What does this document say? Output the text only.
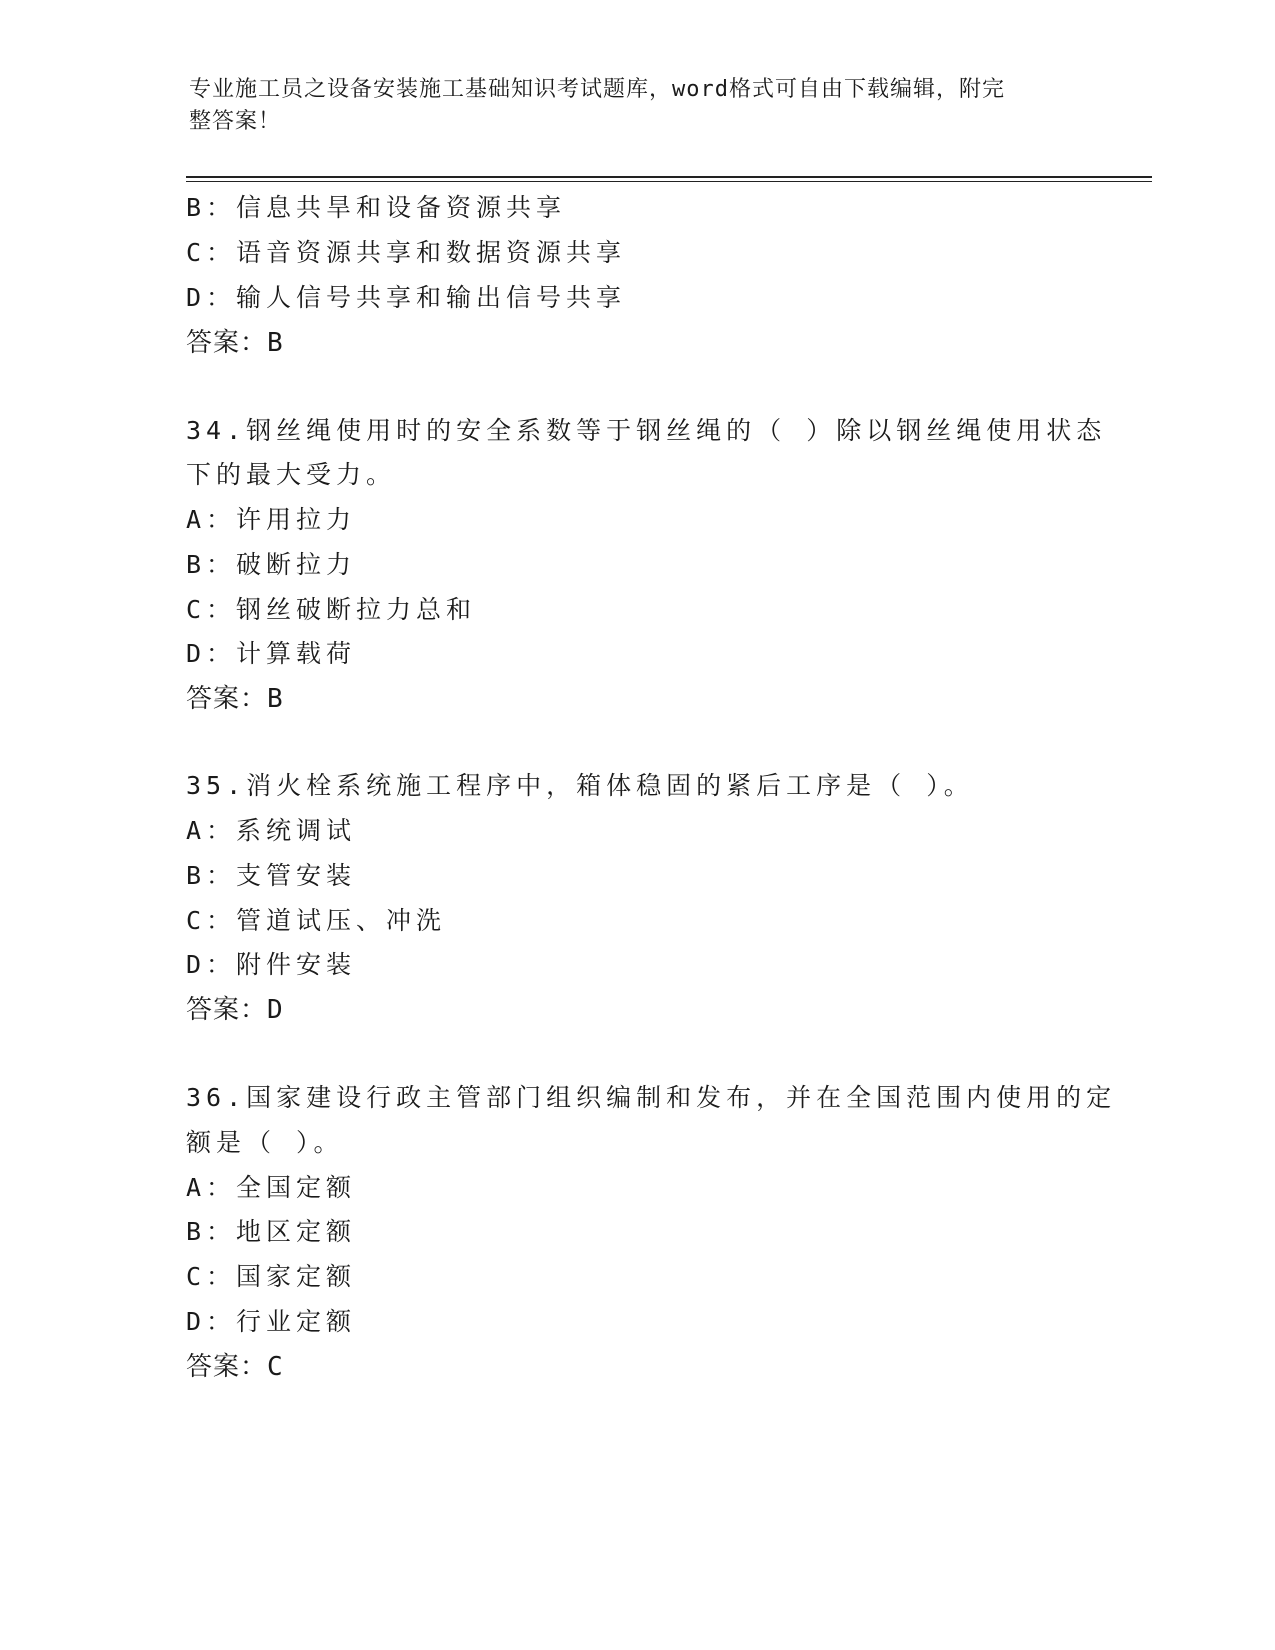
专业施工员之设备安装施工基础知识考试题库，word格式可自由下载编辑，附完
整答案！
B：信息共旱和设备资源共享
C：语音资源共享和数据资源共享
D：输人信号共享和输出信号共享
答案：B
34.钢丝绳使用时的安全系数等于钢丝绳的（ ）除以钢丝绳使用状态
下的最大受力。
A：许用拉力
B：破断拉力
C：钢丝破断拉力总和
D：计算载荷
答案：B
35.消火栓系统施工程序中，箱体稳固的紧后工序是（ ）。
A：系统调试
B：支管安装
C：管道试压、冲洗
D：附件安装
答案：D
36.国家建设行政主管部门组织编制和发布，并在全国范围内使用的定
额是（ ）。
A：全国定额
B：地区定额
C：国家定额
D：行业定额
答案：C
